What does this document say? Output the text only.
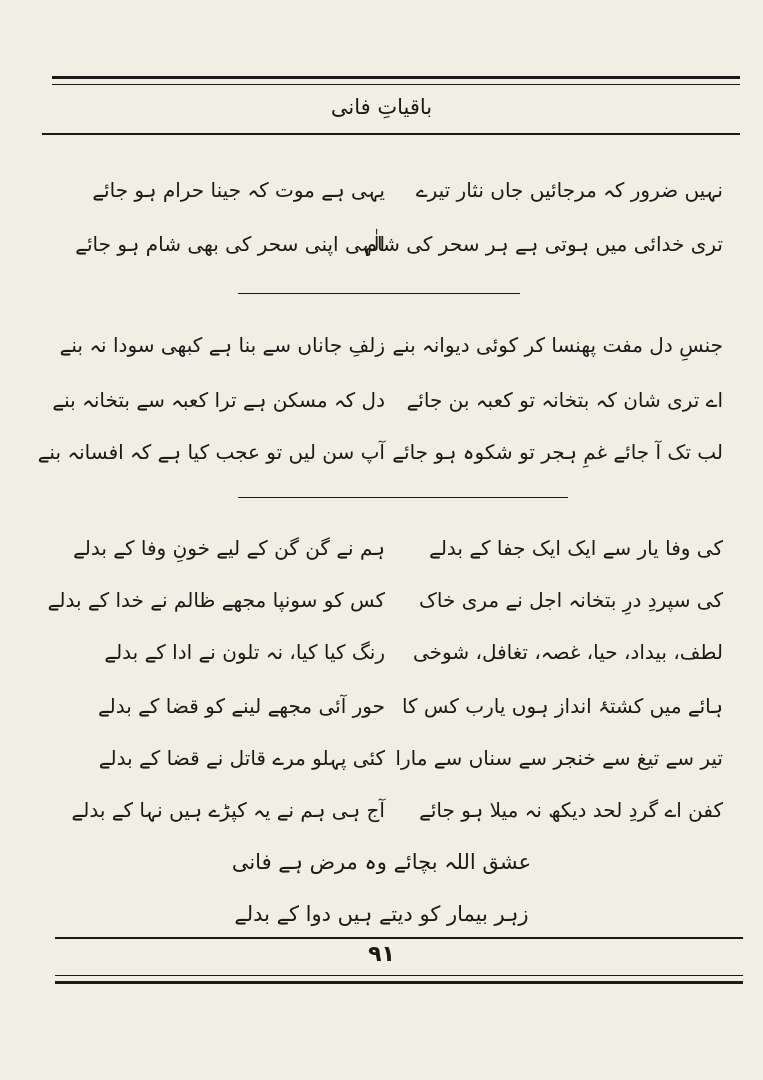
باقیاتِ فانی
نہیں ضرور کہ مرجائیں جاں نثار تیرے
تری خدائی میں ہوتی ہے ہر سحر کی شام
یہی ہے موت کہ جینا حرام ہو جائے
الٰہی اپنی سحر کی بھی شام ہو جائے
جنسِ دل مفت پھنسا کر کوئی دیوانہ بنے
اے تری شان کہ بتخانہ تو کعبہ بن جائے
لب تک آ جائے غمِ ہجر تو شکوہ ہو جائے
زلفِ جاناں سے بنا ہے کبھی سودا نہ بنے
دل کہ مسکن ہے ترا کعبہ سے بتخانہ بنے
آپ سن لیں تو عجب کیا ہے کہ افسانہ بنے
کی وفا یار سے ایک ایک جفا کے بدلے
کی سپردِ درِ بتخانہ اجل نے مری خاک
لطف، بیداد، حیا، غصہ، تغافل، شوخی
ہائے میں کشتۂ انداز ہوں یارب کس کا
تیر سے تیغ سے خنجر سے سناں سے مارا
کفن اے گردِ لحد دیکھ نہ میلا ہو جائے
ہم نے گن گن کے لیے خونِ وفا کے بدلے
کس کو سونپا مجھے ظالم نے خدا کے بدلے
رنگ کیا کیا، نہ تلون نے ادا کے بدلے
حور آئی مجھے لینے کو قضا کے بدلے
کئی پہلو مرے قاتل نے قضا کے بدلے
آج ہی ہم نے یہ کپڑے ہیں نہا کے بدلے
عشق اللہ بچائے وہ مرض ہے فانی
زہر بیمار کو دیتے ہیں دوا کے بدلے
۹۱
